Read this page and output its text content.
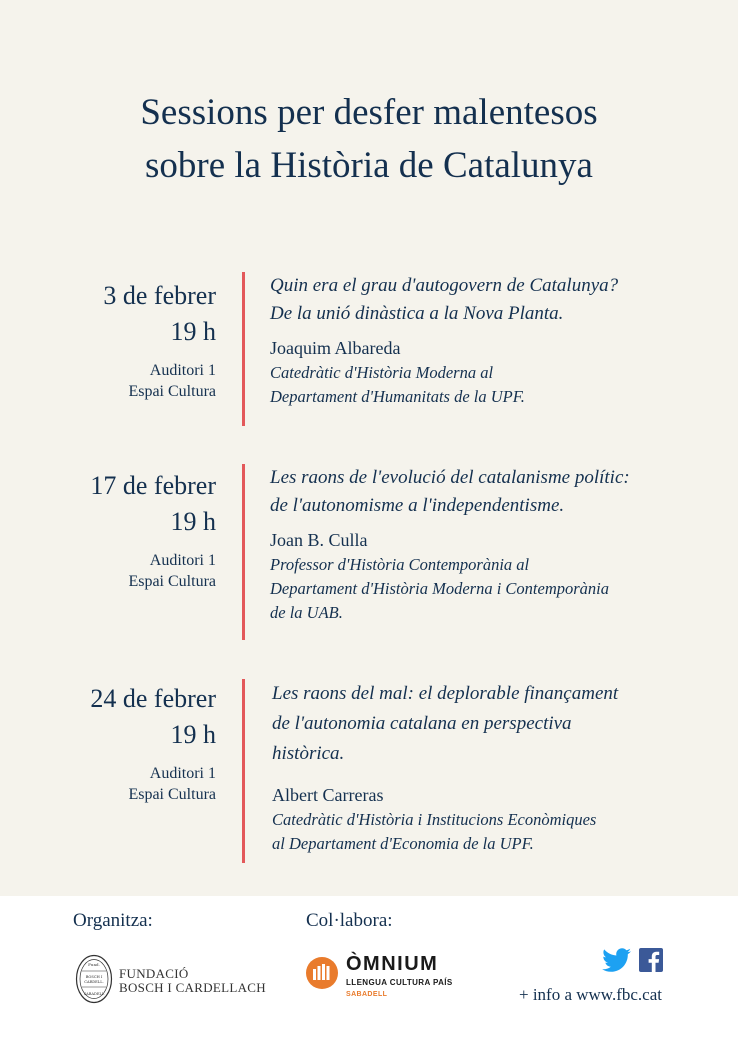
Sessions per desfer malentesos
sobre la Història de Catalunya
3 de febrer
19 h
Auditori 1
Espai Cultura
Quin era el grau d'autogovern de Catalunya?
De la unió dinàstica a la Nova Planta.
Joaquim Albareda
Catedràtic d'Història Moderna al
Departament d'Humanitats de la UPF.
17 de febrer
19 h
Auditori 1
Espai Cultura
Les raons de l'evolució del catalanisme polític:
de l'autonomisme a l'independentisme.
Joan B. Culla
Professor d'Història Contemporània al
Departament d'Història Moderna i Contemporània
de la UAB.
24 de febrer
19 h
Auditori 1
Espai Cultura
Les raons del mal: el deplorable finançament
de l'autonomia catalana en perspectiva
històrica.
Albert Carreras
Catedràtic d'Història i Institucions Econòmiques
al Departament d'Economia de la UPF.
Organitza:	Col·labora:
Fund.
BOSCH I
CARDELL.
SABADELL
FUNDACIÓ
BOSCH I CARDELLACH
ÒMNIUM
LLENGUA CULTURA PAÍS
SABADELL	+ info a www.fbc.cat
